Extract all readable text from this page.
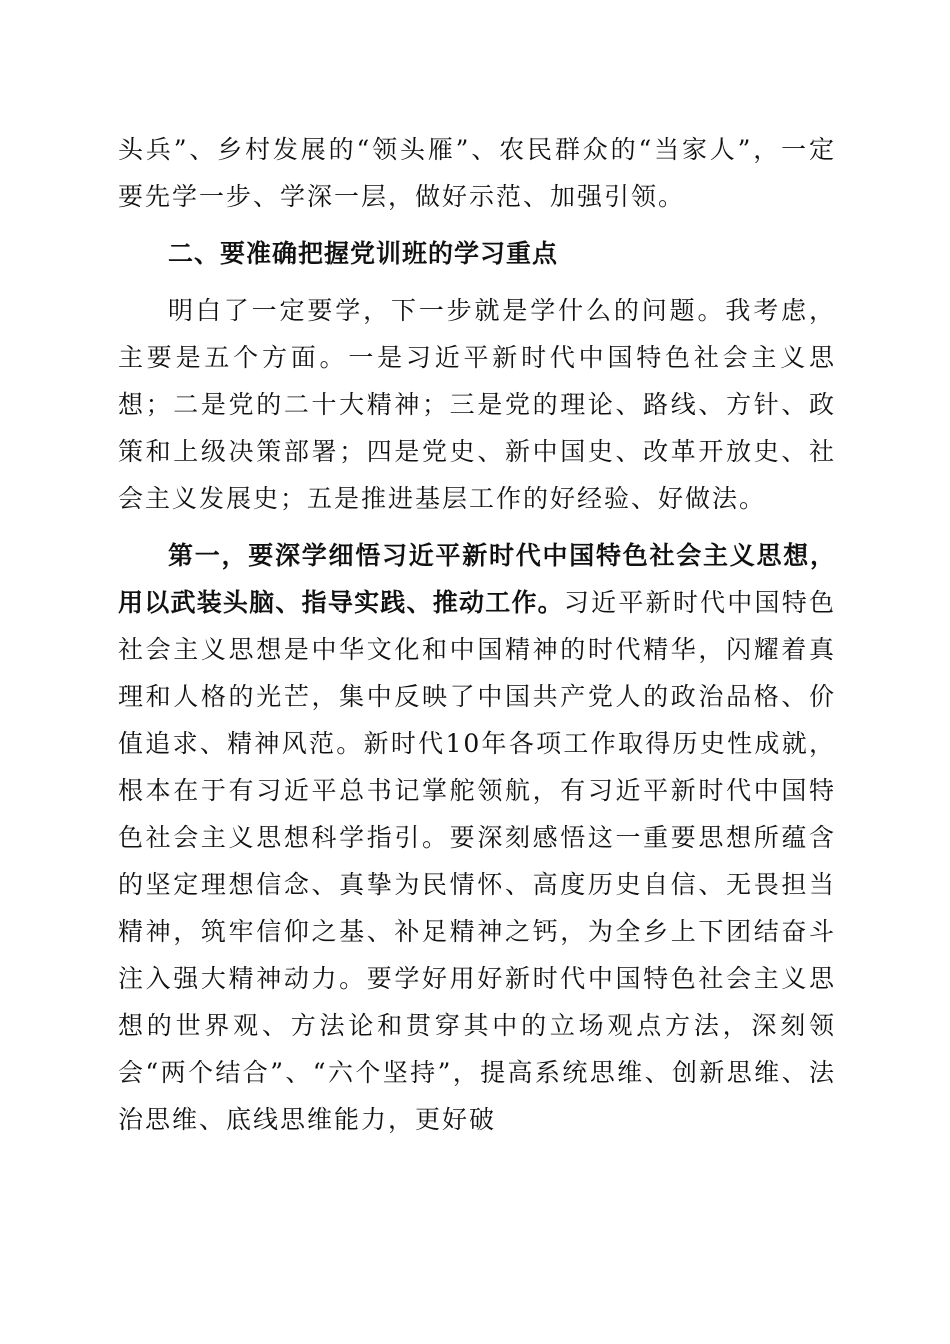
头兵”、乡村发展的“领头雁”、农民群众的“当家人”，一定要先学一步、学深一层，做好示范、加强引领。

二、要准确把握党训班的学习重点

明白了一定要学，下一步就是学什么的问题。我考虑，主要是五个方面。一是习近平新时代中国特色社会主义思想；二是党的二十大精神；三是党的理论、路线、方针、政策和上级决策部署；四是党史、新中国史、改革开放史、社会主义发展史；五是推进基层工作的好经验、好做法。

第一，要深学细悟习近平新时代中国特色社会主义思想，用以武装头脑、指导实践、推动工作。习近平新时代中国特色社会主义思想是中华文化和中国精神的时代精华，闪耀着真理和人格的光芒，集中反映了中国共产党人的政治品格、价值追求、精神风范。新时代10年各项工作取得历史性成就，根本在于有习近平总书记掌舵领航，有习近平新时代中国特色社会主义思想科学指引。要深刻感悟这一重要思想所蕴含的坚定理想信念、真挚为民情怀、高度历史自信、无畏担当精神，筑牢信仰之基、补足精神之钙，为全乡上下团结奋斗注入强大精神动力。要学好用好新时代中国特色社会主义思想的世界观、方法论和贯穿其中的立场观点方法，深刻领会“两个结合”、“六个坚持”，提高系统思维、创新思维、法治思维、底线思维能力，更好破
